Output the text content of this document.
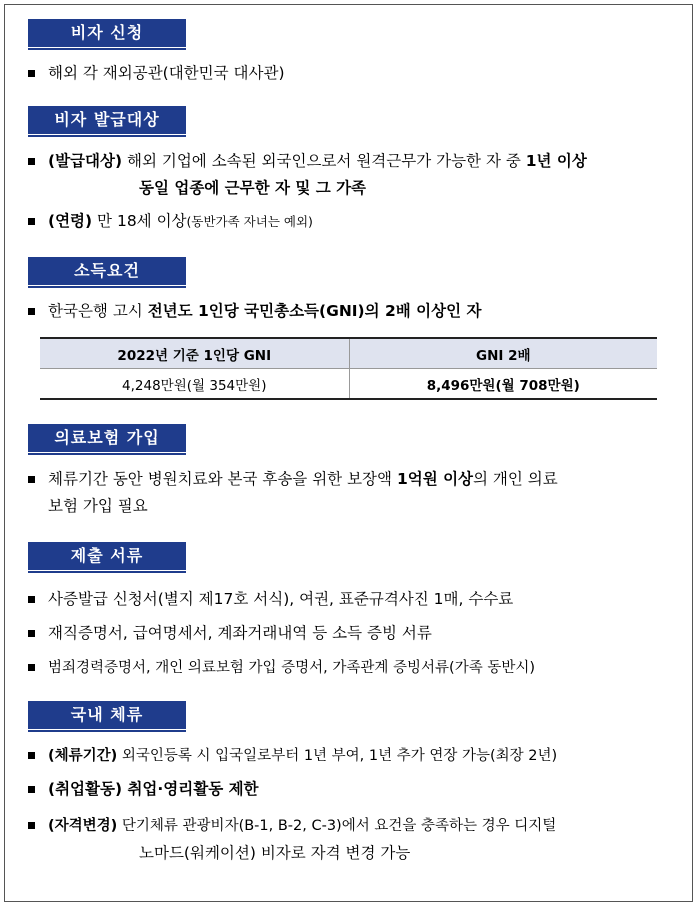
비자 신청
해외 각 재외공관(대한민국 대사관)
비자 발급대상
(발급대상) 해외 기업에 소속된 외국인으로서 원격근무가 가능한 자 중 1년 이상
동일 업종에 근무한 자 및 그 가족
(연령) 만 18세 이상(동반가족 자녀는 예외)
소득요건
한국은행 고시 전년도 1인당 국민총소득(GNI)의 2배 이상인 자
2022년 기준 1인당 GNI	GNI 2배
4,248만원(월 354만원)	8,496만원(월 708만원)
의료보험 가입
체류기간 동안 병원치료와 본국 후송을 위한 보장액 1억원 이상의 개인 의료
보험 가입 필요
제출 서류
사증발급 신청서(별지 제17호 서식), 여권, 표준규격사진 1매, 수수료
재직증명서, 급여명세서, 계좌거래내역 등 소득 증빙 서류
범죄경력증명서, 개인 의료보험 가입 증명서, 가족관계 증빙서류(가족 동반시)
국내 체류
(체류기간) 외국인등록 시 입국일로부터 1년 부여, 1년 추가 연장 가능(최장 2년)
(취업활동) 취업·영리활동 제한
(자격변경) 단기체류 관광비자(B-1, B-2, C-3)에서 요건을 충족하는 경우 디지털
노마드(워케이션) 비자로 자격 변경 가능
